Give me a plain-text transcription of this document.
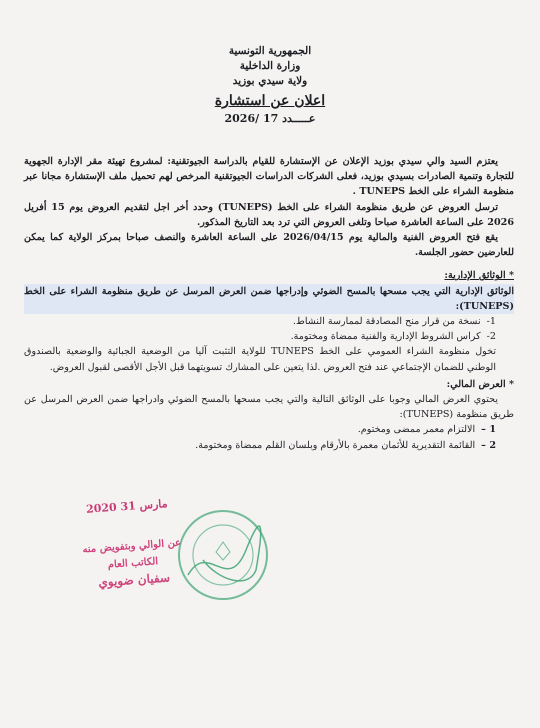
الجمهورية التونسية
وزارة الداخلية
ولاية سيدي بوزيد
اعلان عن استشارة
عـــــدد 17 /2026

يعتزم السيد والي سيدي بوزيد الإعلان عن الإستشارة للقيام بالدراسة الجيوتقنية: لمشروع تهيئة مقر الإدارة الجهوية للتجارة وتنمية الصادرات بسيدي بوزيد، فعلى الشركات الدراسات الجيوتقنية المرخص لهم تحميل ملف الإستشارة مجانا عبر منظومة الشراء على الخط TUNEPS .

ترسل العروض عن طريق منظومة الشراء على الخط (TUNEPS) وحدد أخر اجل لتقديم العروض يوم 15 أفريل 2026 على الساعة العاشرة صباحا وتلغى العروض التي ترد بعد التاريخ المذكور.

يقع فتح العروض الفنية والمالية يوم 2026/04/15 على الساعة العاشرة والنصف صباحا بمركز الولاية كما يمكن للعارضين حضور الجلسة.

* الوثائق الإدارية:

الوثائق الإدارية التي يجب مسحها بالمسح الضوئي وإدراجها ضمن العرض المرسل عن طريق منظومة الشراء على الخط (TUNEPS):

1-
نسخة من قرار منح المصادقة لممارسة النشاط.
2-
كراس الشروط الإدارية والفنية ممضاة ومختومة.

تخول منظومة الشراء العمومي على الخط TUNEPS للولاية التثبت آليا من الوضعية الجبائية والوضعية بالصندوق الوطني للضمان الإجتماعي عند فتح العروض .لذا يتعين على المشارك تسويتهما قبل الأجل الأقصى لقبول العروض.

* العرض المالي:

يحتوي العرض المالي وجوبا على الوثائق التالية والتي يجب مسحها بالمسح الضوئي وادراجها ضمن العرض المرسل عن طريق منظومة (TUNEPS):

1 –
الالتزام معمر ممضى ومختوم.
2 –
القائمة التقديرية للأثمان معمرة بالأرقام وبلسان القلم ممضاة ومختومة.
2020 مارس 31
عن الوالي وبتفويض منه
الكاتب العام
سفيان ضويوي
